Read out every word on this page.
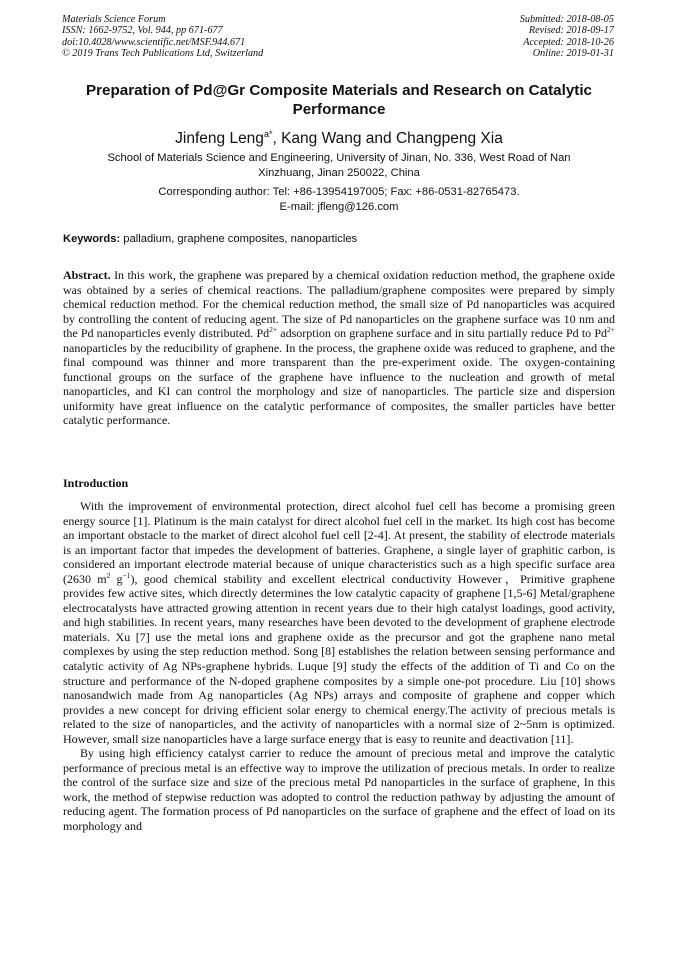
Materials Science Forum
ISSN: 1662-9752, Vol. 944, pp 671-677
doi:10.4028/www.scientific.net/MSF.944.671
© 2019 Trans Tech Publications Ltd, Switzerland
Submitted: 2018-08-05
Revised: 2018-09-17
Accepted: 2018-10-26
Online: 2019-01-31
Preparation of Pd@Gr Composite Materials and Research on Catalytic
Performance
Jinfeng Leng$^{a*}$, Kang Wang and Changpeng Xia
School of Materials Science and Engineering, University of Jinan, No. 336, West Road of Nan
Xinzhuang, Jinan 250022, China
Corresponding author: Tel: +86-13954197005; Fax: +86-0531-82765473.
E-mail: jfleng@126.com
Keywords: palladium, graphene composites, nanoparticles

Abstract. In this work, the graphene was prepared by a chemical oxidation reduction method, the graphene oxide was obtained by a series of chemical reactions. The palladium/graphene composites were prepared by simply chemical reduction method. For the chemical reduction method, the small size of Pd nanoparticles was acquired by controlling the content of reducing agent. The size of Pd nanoparticles on the graphene surface was 10 nm and the Pd nanoparticles evenly distributed. $Pd^{2+}$ adsorption on graphene surface and in situ partially reduce Pd to $Pd^{2+}$ nanoparticles by the reducibility of graphene. In the process, the graphene oxide was reduced to graphene, and the final compound was thinner and more transparent than the pre-experiment oxide. The oxygen-containing functional groups on the surface of the graphene have influence to the nucleation and growth of metal nanoparticles, and KI can control the morphology and size of nanoparticles. The particle size and dispersion uniformity have great influence on the catalytic performance of composites, the smaller particles have better catalytic performance.

Introduction

With the improvement of environmental protection, direct alcohol fuel cell has become a promising green energy source [1]. Platinum is the main catalyst for direct alcohol fuel cell in the market. Its high cost has become an important obstacle to the market of direct alcohol fuel cell [2-4]. At present, the stability of electrode materials is an important factor that impedes the development of batteries. Graphene, a single layer of graphitic carbon, is considered an important electrode material because of unique characteristics such as a high specific surface area (2630 $m^2$ $g^{-1}$), good chemical stability and excellent electrical conductivity However，Primitive graphene provides few active sites, which directly determines the low catalytic capacity of graphene [1,5-6] Metal/graphene electrocatalysts have attracted growing attention in recent years due to their high catalyst loadings, good activity, and high stabilities. In recent years, many researches have been devoted to the development of graphene electrode materials. Xu [7] use the metal ions and graphene oxide as the precursor and got the graphene nano metal complexes by using the step reduction method. Song [8] establishes the relation between sensing performance and catalytic activity of Ag NPs-graphene hybrids. Luque [9] study the effects of the addition of Ti and Co on the structure and performance of the N-doped graphene composites by a simple one-pot procedure. Liu [10] shows nanosandwich made from Ag nanoparticles (Ag NPs) arrays and composite of graphene and copper which provides a new concept for driving efficient solar energy to chemical energy.The activity of precious metals is related to the size of nanoparticles, and the activity of nanoparticles with a normal size of 2~5nm is optimized. However, small size nanoparticles have a large surface energy that is easy to reunite and deactivation [11].

By using high efficiency catalyst carrier to reduce the amount of precious metal and improve the catalytic performance of precious metal is an effective way to improve the utilization of precious metals. In order to realize the control of the surface size and size of the precious metal Pd nanoparticles in the surface of graphene, In this work, the method of stepwise reduction was adopted to control the reduction pathway by adjusting the amount of reducing agent. The formation process of Pd nanoparticles on the surface of graphene and the effect of load on its morphology and
